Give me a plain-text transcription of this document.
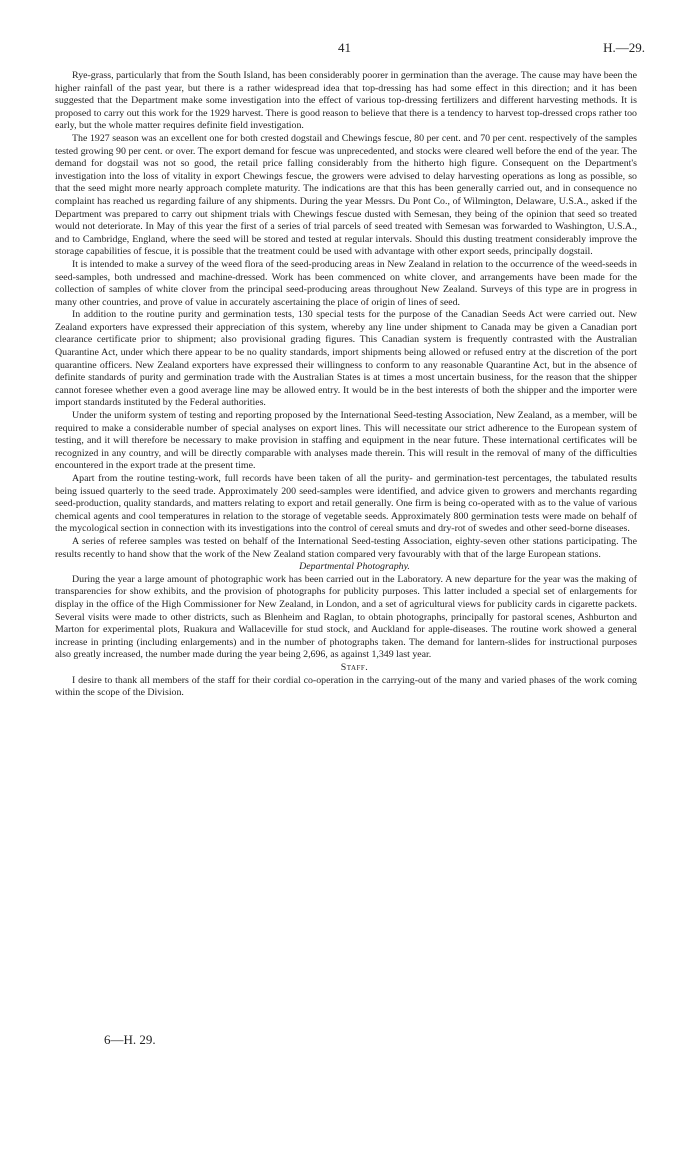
41	H.—29.

Rye-grass, particularly that from the South Island, has been considerably poorer in germination than the average. The cause may have been the higher rainfall of the past year, but there is a rather widespread idea that top-dressing has had some effect in this direction; and it has been suggested that the Department make some investigation into the effect of various top-dressing fertilizers and different harvesting methods. It is proposed to carry out this work for the 1929 harvest. There is good reason to believe that there is a tendency to harvest top-dressed crops rather too early, but the whole matter requires definite field investigation.

The 1927 season was an excellent one for both crested dogstail and Chewings fescue, 80 per cent. and 70 per cent. respectively of the samples tested growing 90 per cent. or over. The export demand for fescue was unprecedented, and stocks were cleared well before the end of the year. The demand for dogstail was not so good, the retail price falling considerably from the hitherto high figure. Consequent on the Department's investigation into the loss of vitality in export Chewings fescue, the growers were advised to delay harvesting operations as long as possible, so that the seed might more nearly approach complete maturity. The indications are that this has been generally carried out, and in consequence no complaint has reached us regarding failure of any shipments. During the year Messrs. Du Pont Co., of Wilmington, Delaware, U.S.A., asked if the Department was prepared to carry out shipment trials with Chewings fescue dusted with Semesan, they being of the opinion that seed so treated would not deteriorate. In May of this year the first of a series of trial parcels of seed treated with Semesan was forwarded to Washington, U.S.A., and to Cambridge, England, where the seed will be stored and tested at regular intervals. Should this dusting treatment considerably improve the storage capabilities of fescue, it is possible that the treatment could be used with advantage with other export seeds, principally dogstail.

It is intended to make a survey of the weed flora of the seed-producing areas in New Zealand in relation to the occurrence of the weed-seeds in seed-samples, both undressed and machine-dressed. Work has been commenced on white clover, and arrangements have been made for the collection of samples of white clover from the principal seed-producing areas throughout New Zealand. Surveys of this type are in progress in many other countries, and prove of value in accurately ascertaining the place of origin of lines of seed.

In addition to the routine purity and germination tests, 130 special tests for the purpose of the Canadian Seeds Act were carried out. New Zealand exporters have expressed their appreciation of this system, whereby any line under shipment to Canada may be given a Canadian port clearance certificate prior to shipment; also provisional grading figures. This Canadian system is frequently contrasted with the Australian Quarantine Act, under which there appear to be no quality standards, import shipments being allowed or refused entry at the discretion of the port quarantine officers. New Zealand exporters have expressed their willingness to conform to any reasonable Quarantine Act, but in the absence of definite standards of purity and germination trade with the Australian States is at times a most uncertain business, for the reason that the shipper cannot foresee whether even a good average line may be allowed entry. It would be in the best interests of both the shipper and the importer were import standards instituted by the Federal authorities.

Under the uniform system of testing and reporting proposed by the International Seed-testing Association, New Zealand, as a member, will be required to make a considerable number of special analyses on export lines. This will necessitate our strict adherence to the European system of testing, and it will therefore be necessary to make provision in staffing and equipment in the near future. These international certificates will be recognized in any country, and will be directly comparable with analyses made therein. This will result in the removal of many of the difficulties encountered in the export trade at the present time.

Apart from the routine testing-work, full records have been taken of all the purity- and germination-test percentages, the tabulated results being issued quarterly to the seed trade. Approximately 200 seed-samples were identified, and advice given to growers and merchants regarding seed-production, quality standards, and matters relating to export and retail generally. One firm is being co-operated with as to the value of various chemical agents and cool temperatures in relation to the storage of vegetable seeds. Approximately 800 germination tests were made on behalf of the mycological section in connection with its investigations into the control of cereal smuts and dry-rot of swedes and other seed-borne diseases.

A series of referee samples was tested on behalf of the International Seed-testing Association, eighty-seven other stations participating. The results recently to hand show that the work of the New Zealand station compared very favourably with that of the large European stations.

Departmental Photography.

During the year a large amount of photographic work has been carried out in the Laboratory. A new departure for the year was the making of transparencies for show exhibits, and the provision of photographs for publicity purposes. This latter included a special set of enlargements for display in the office of the High Commissioner for New Zealand, in London, and a set of agricultural views for publicity cards in cigarette packets. Several visits were made to other districts, such as Blenheim and Raglan, to obtain photographs, principally for pastoral scenes, Ashburton and Marton for experimental plots, Ruakura and Wallaceville for stud stock, and Auckland for apple-diseases. The routine work showed a general increase in printing (including enlargements) and in the number of photographs taken. The demand for lantern-slides for instructional purposes also greatly increased, the number made during the year being 2,696, as against 1,349 last year.

Staff.

I desire to thank all members of the staff for their cordial co-operation in the carrying-out of the many and varied phases of the work coming within the scope of the Division.

6—H. 29.
